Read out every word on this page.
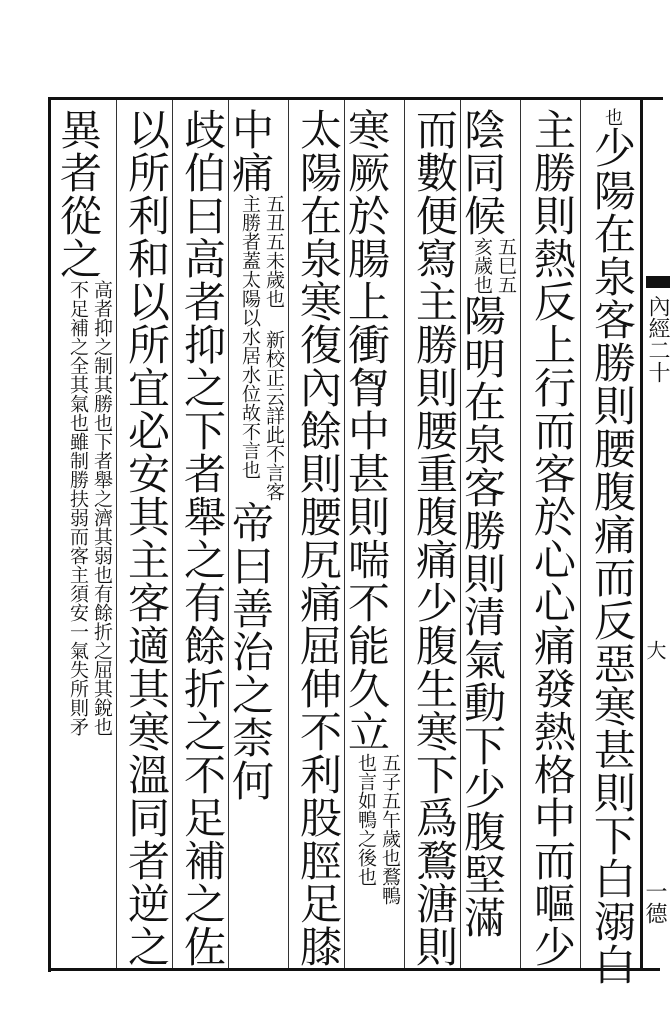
也少陽在泉客勝則腰腹痛而反惡寒甚則下白溺白
主勝則熱反上行而客於心心痛發熱格中而嘔少
陰同候
五巳五
亥歲也
陽明在泉客勝則清氣動下少腹堅滿
而數便寫主勝則腰重腹痛少腹生寒下爲鶩溏則
寒厥於腸上衝胷中甚則喘不能久立
五子五午歲也鶩鴨
也言如鴨之後也
太陽在泉寒復內餘則腰尻痛屈伸不利股脛足膝
中痛
五丑五未歲也 新校正云詳此不言客
主勝者蓋太陽以水居水位故不言也
帝曰善治之柰何
歧伯曰高者抑之下者舉之有餘折之不足補之佐
以所利和以所宜必安其主客適其寒溫同者逆之
異者從之
高者抑之制其勝也下者舉之濟其弱也有餘折之屈其銳也
不足補之全其氣也雖制勝扶弱而客主須安一氣失所則矛	內經二十
大
一德
